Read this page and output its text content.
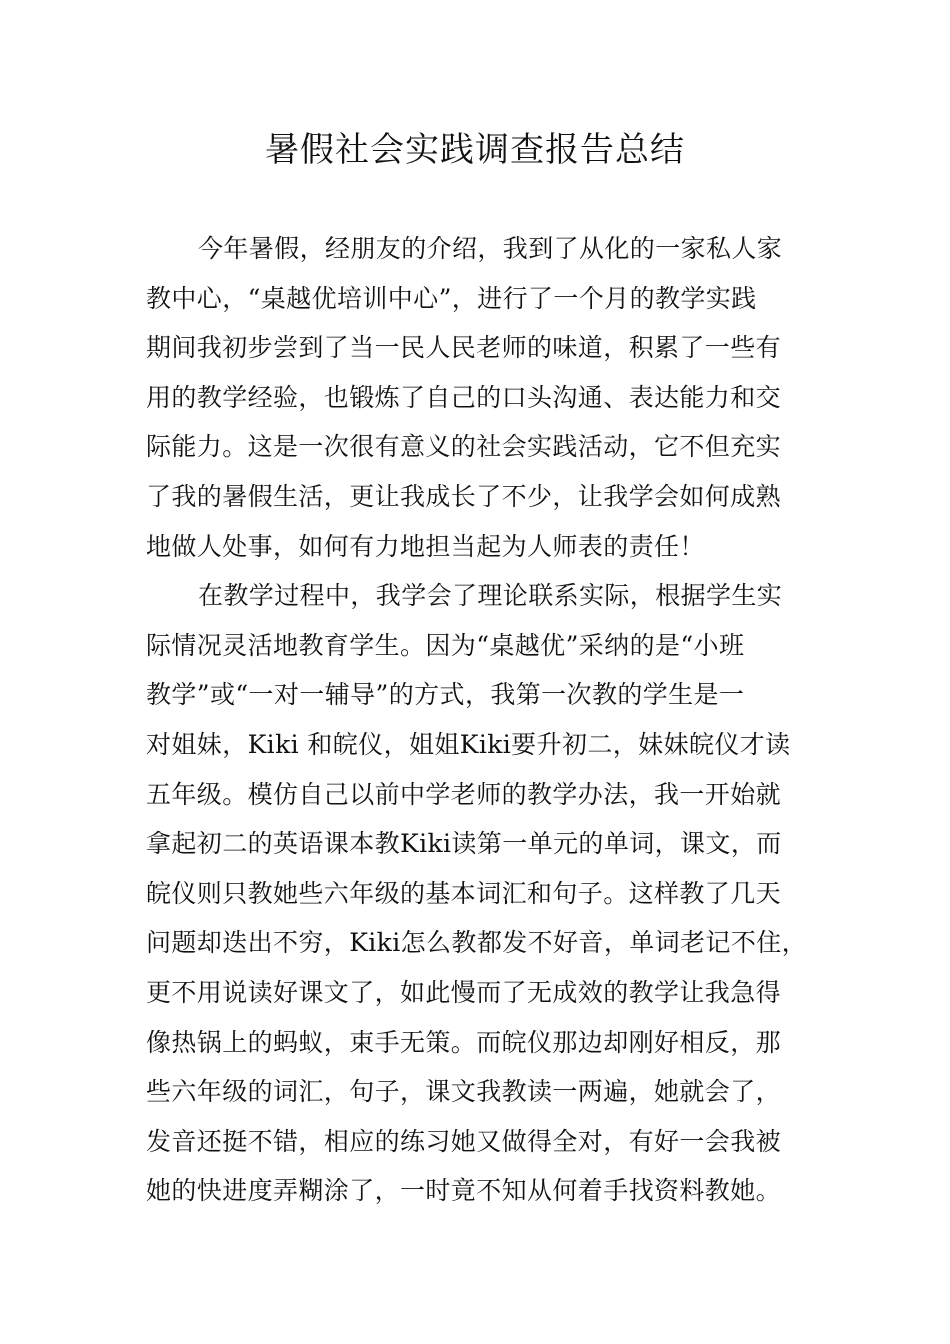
暑假社会实践调查报告总结
今年暑假，经朋友的介绍，我到了从化的一家私人家
教中心，“桌越优培训中心”，进行了一个月的教学实践
期间我初步尝到了当一民人民老师的味道，积累了一些有
用的教学经验，也锻炼了自己的口头沟通、表达能力和交
际能力。这是一次很有意义的社会实践活动，它不但充实
了我的暑假生活，更让我成长了不少，让我学会如何成熟
地做人处事，如何有力地担当起为人师表的责任！
在教学过程中，我学会了理论联系实际，根据学生实
际情况灵活地教育学生。因为“桌越优”采纳的是“小班
教学”或“一对一辅导”的方式，我第一次教的学生是一
对姐妹，Kiki 和皖仪，姐姐Kiki要升初二，妹妹皖仪才读
五年级。模仿自己以前中学老师的教学办法，我一开始就
拿起初二的英语课本教Kiki读第一单元的单词，课文，而
皖仪则只教她些六年级的基本词汇和句子。这样教了几天
问题却迭出不穷，Kiki怎么教都发不好音，单词老记不住，
更不用说读好课文了，如此慢而了无成效的教学让我急得
像热锅上的蚂蚁，束手无策。而皖仪那边却刚好相反，那
些六年级的词汇，句子，课文我教读一两遍，她就会了，
发音还挺不错，相应的练习她又做得全对，有好一会我被
她的快进度弄糊涂了，一时竟不知从何着手找资料教她。
